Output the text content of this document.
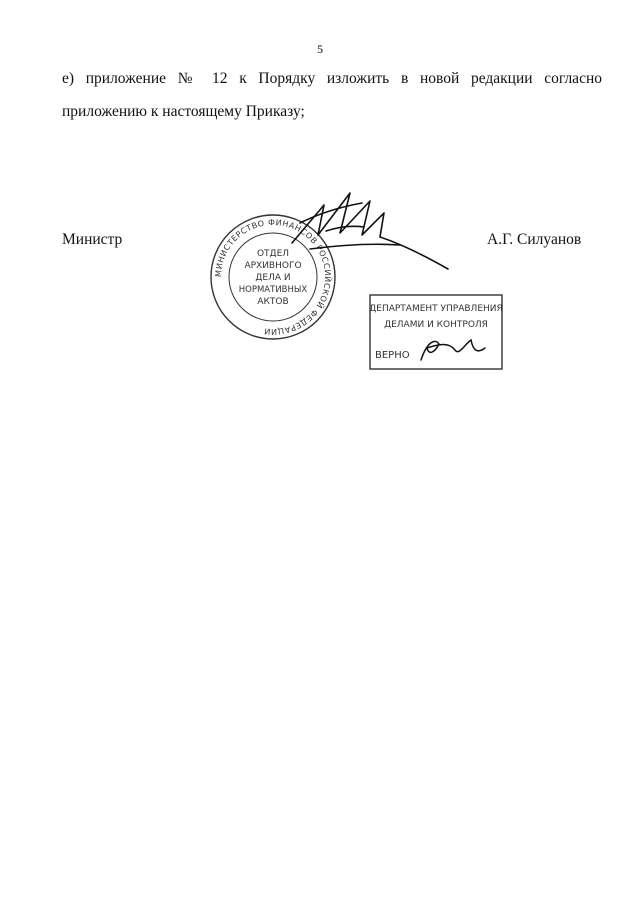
5
е) приложение № 12 к Порядку изложить в новой редакции согласно
приложению к настоящему Приказу;
Министр	А.Г. Силуанов
МИНИСТЕРСТВО ФИНАНСОВ РОССИЙСКОЙ ФЕДЕРАЦИИ
ОТДЕЛ
АРХИВНОГО
ДЕЛА И
НОРМАТИВНЫХ
АКТОВ
ДЕПАРТАМЕНТ УПРАВЛЕНИЯ
ДЕЛАМИ И КОНТРОЛЯ
ВЕРНО
